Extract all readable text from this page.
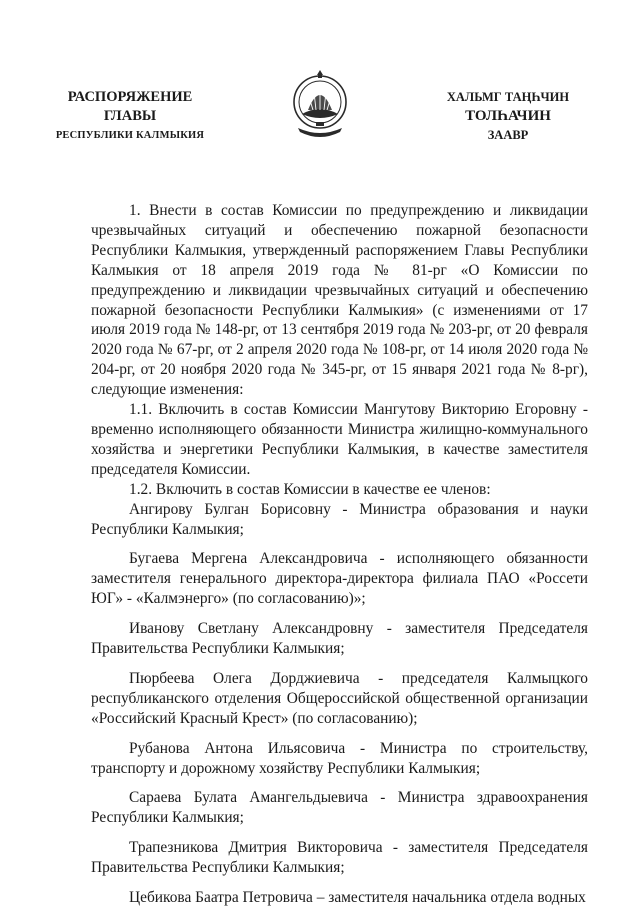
РАСПОРЯЖЕНИЕ
ГЛАВЫ
РЕСПУБЛИКИ КАЛМЫКИЯ
ХАЛЬМГ ТАҢҺЧИН
ТОЛҺАЧИН
ЗААВР

1. Внести в состав Комиссии по предупреждению и ликвидации чрезвычайных ситуаций и обеспечению пожарной безопасности Республики Калмыкия, утвержденный распоряжением Главы Республики Калмыкия от 18 апреля 2019 года № 81-рг «О Комиссии по предупреждению и ликвидации чрезвычайных ситуаций и обеспечению пожарной безопасности Республики Калмыкия» (с изменениями от 17 июля 2019 года № 148-рг, от 13 сентября 2019 года № 203-рг, от 20 февраля 2020 года № 67-рг, от 2 апреля 2020 года № 108-рг, от 14 июля 2020 года № 204-рг, от 20 ноября 2020 года № 345-рг, от 15 января 2021 года № 8-рг), следующие изменения:

1.1. Включить в состав Комиссии Мангутову Викторию Егоровну - временно исполняющего обязанности Министра жилищно-коммунального хозяйства и энергетики Республики Калмыкия, в качестве заместителя председателя Комиссии.

1.2. Включить в состав Комиссии в качестве ее членов:

Ангирову Булган Борисовну - Министра образования и науки Республики Калмыкия;

Бугаева Мергена Александровича - исполняющего обязанности заместителя генерального директора-директора филиала ПАО «Россети ЮГ» - «Калмэнерго» (по согласованию)»;

Иванову Светлану Александровну - заместителя Председателя Правительства Республики Калмыкия;

Пюрбеева Олега Дорджиевича - председателя Калмыцкого республиканского отделения Общероссийской общественной организации «Российский Красный Крест» (по согласованию);

Рубанова Антона Ильясовича - Министра по строительству, транспорту и дорожному хозяйству Республики Калмыкия;

Сараева Булата Амангельдыевича - Министра здравоохранения Республики Калмыкия;

Трапезникова Дмитрия Викторовича - заместителя Председателя Правительства Республики Калмыкия;

Цебикова Баатра Петровича – заместителя начальника отдела водных
